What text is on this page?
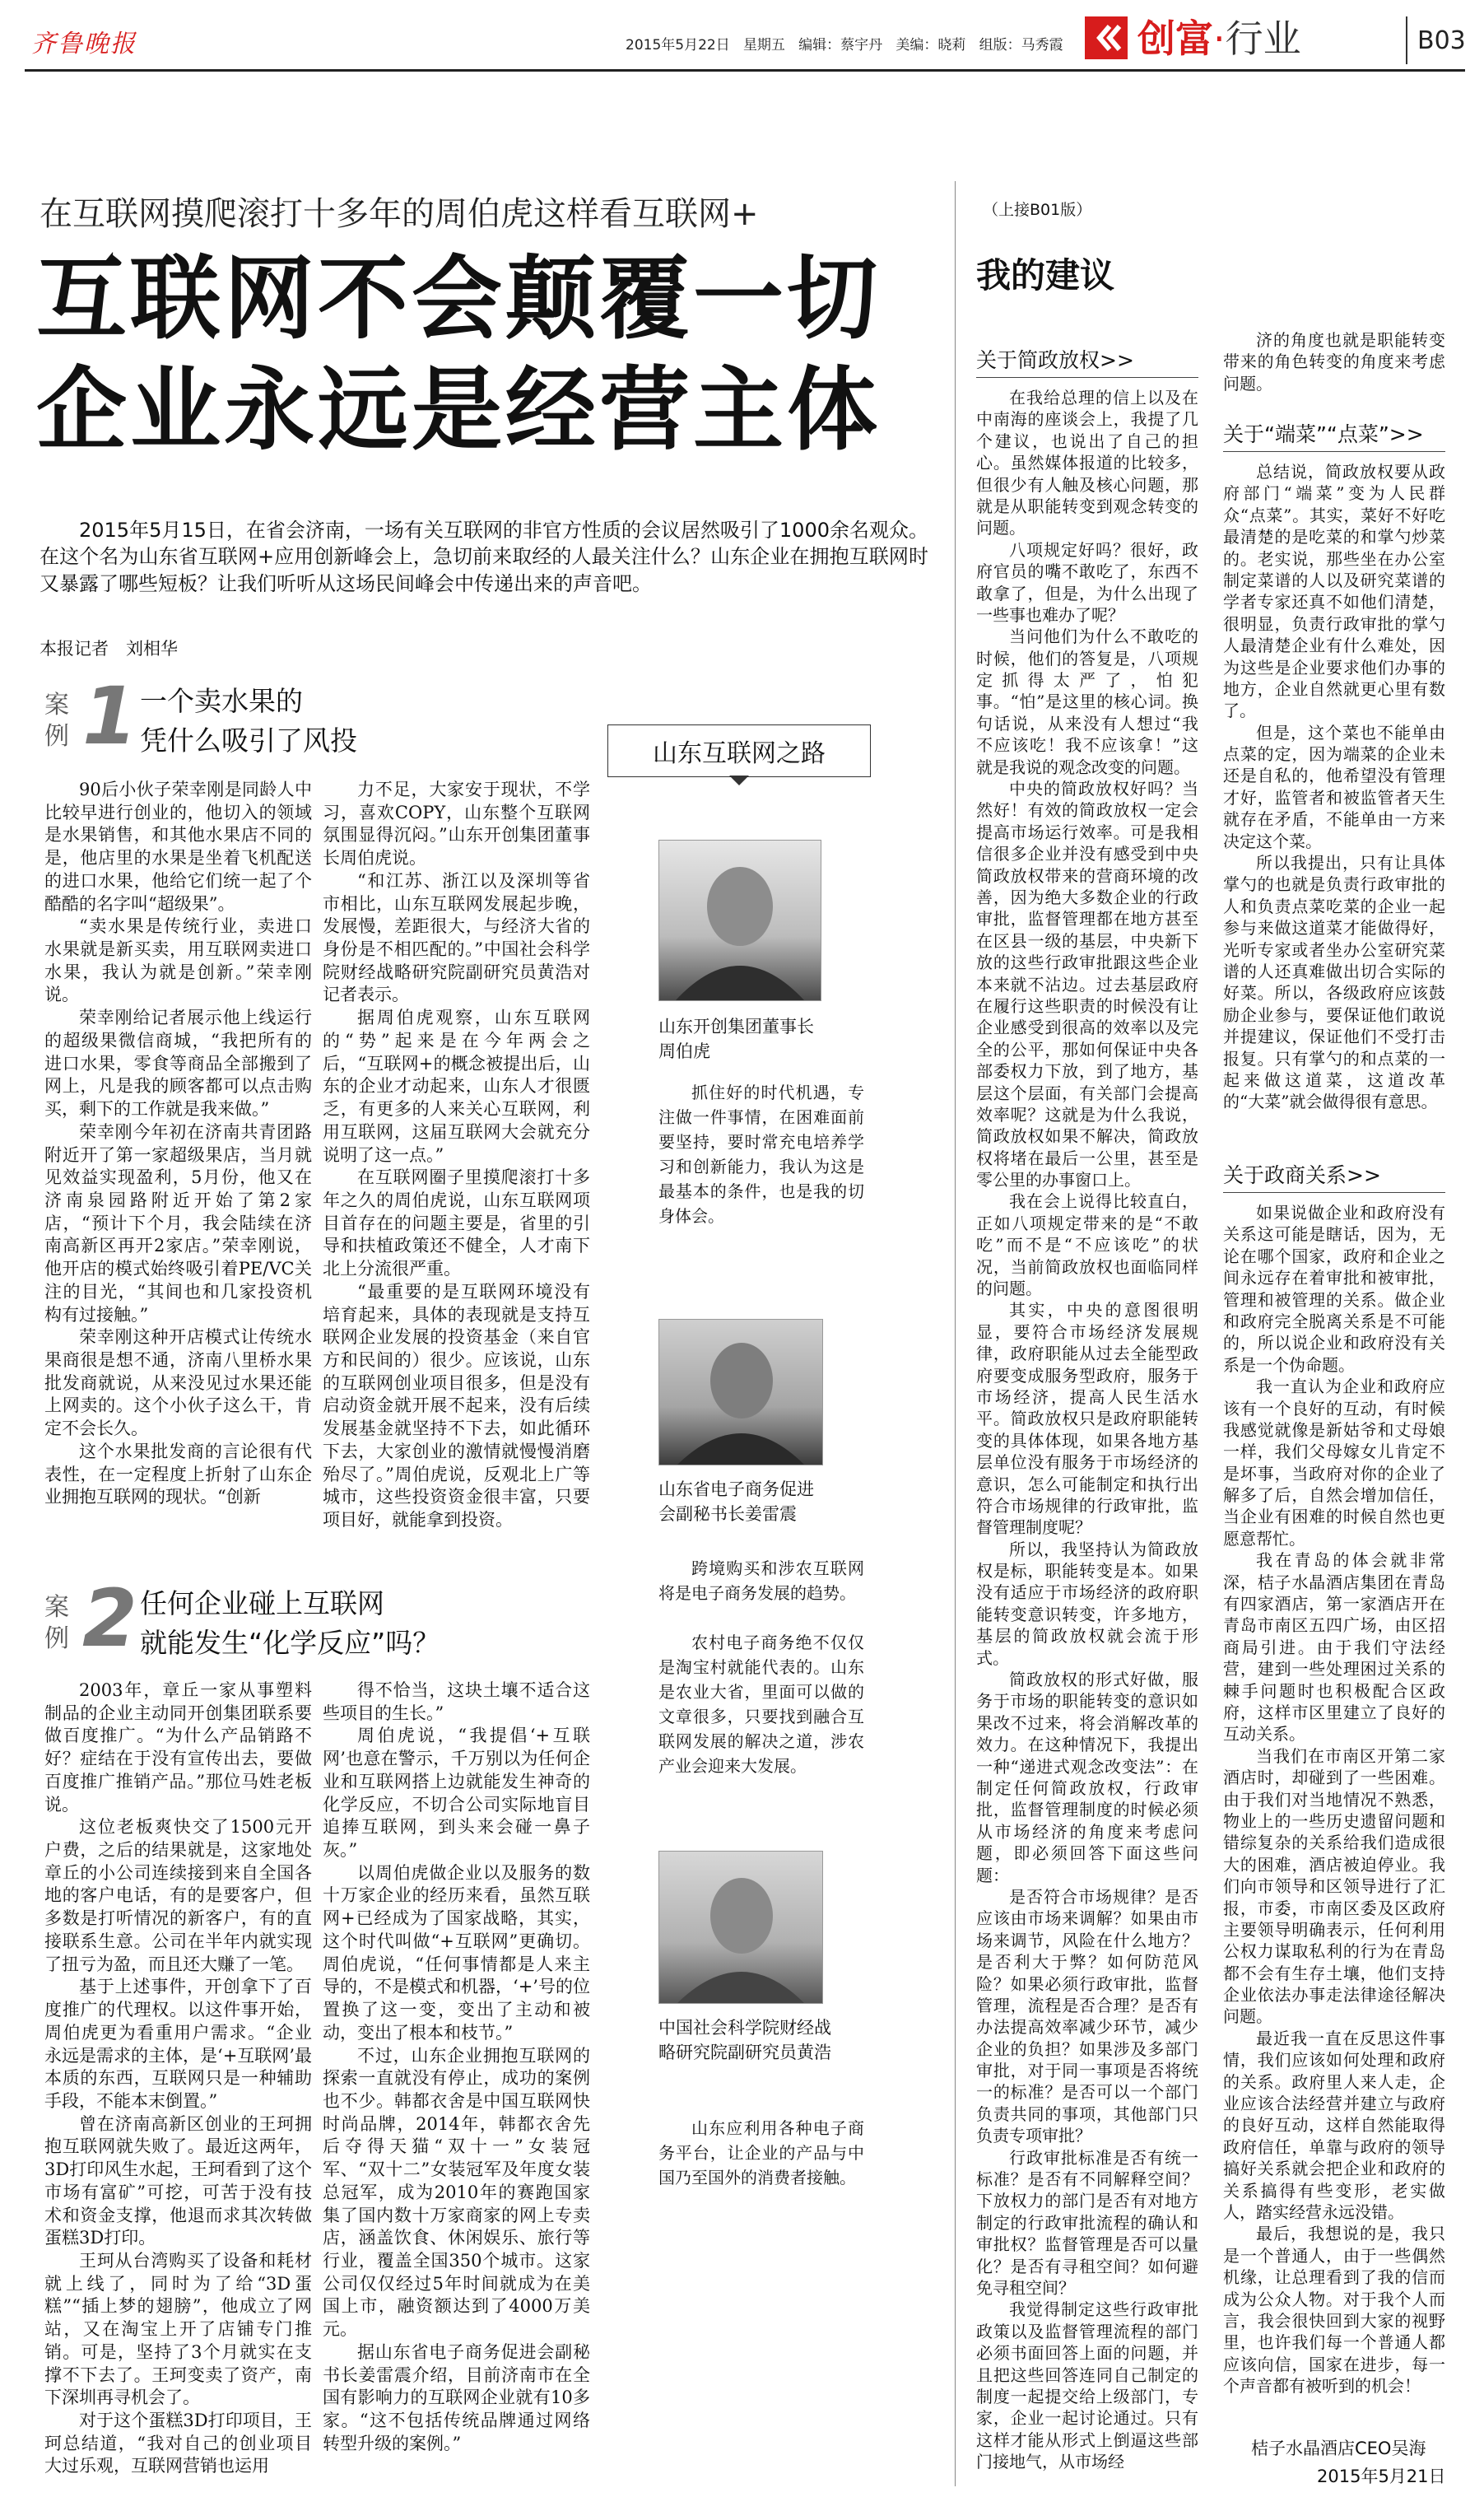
齐鲁晚报	2015年5月22日 星期五 编辑：蔡宇丹 美编：晓莉 组版：马秀霞 创富·行业	B03
在互联网摸爬滚打十多年的周伯虎这样看互联网+
互联网不会颠覆一切
企业永远是经营主体
2015年5月15日，在省会济南，一场有关互联网的非官方性质的会议居然吸引了1000余名观众。在这个名为山东省互联网+应用创新峰会上，急切前来取经的人最关注什么？山东企业在拥抱互联网时又暴露了哪些短板？让我们听听从这场民间峰会中传递出来的声音吧。
本报记者　刘相华
案
例 1 一个卖水果的
凭什么吸引了风投

90后小伙子荣幸刚是同龄人中比较早进行创业的，他切入的领域是水果销售，和其他水果店不同的是，他店里的水果是坐着飞机配送的进口水果，他给它们统一起了个酷酷的名字叫“超级果”。

“卖水果是传统行业，卖进口水果就是新买卖，用互联网卖进口水果，我认为就是创新。”荣幸刚说。

荣幸刚给记者展示他上线运行的超级果微信商城，“我把所有的进口水果，零食等商品全部搬到了网上，凡是我的顾客都可以点击购买，剩下的工作就是我来做。”

荣幸刚今年初在济南共青团路附近开了第一家超级果店，当月就见效益实现盈利，5月份，他又在济南泉园路附近开始了第2家店，“预计下个月，我会陆续在济南高新区再开2家店。”荣幸刚说，他开店的模式始终吸引着PE/VC关注的目光，“其间也和几家投资机构有过接触。”

荣幸刚这种开店模式让传统水果商很是想不通，济南八里桥水果批发商就说，从来没见过水果还能上网卖的。这个小伙子这么干，肯定不会长久。

这个水果批发商的言论很有代表性，在一定程度上折射了山东企业拥抱互联网的现状。“创新

力不足，大家安于现状，不学习，喜欢COPY，山东整个互联网氛围显得沉闷。”山东开创集团董事长周伯虎说。

“和江苏、浙江以及深圳等省市相比，山东互联网发展起步晚，发展慢，差距很大，与经济大省的身份是不相匹配的。”中国社会科学院财经战略研究院副研究员黄浩对记者表示。

据周伯虎观察，山东互联网的“势”起来是在今年两会之后，“互联网+的概念被提出后，山东的企业才动起来，山东人才很匮乏，有更多的人来关心互联网，利用互联网，这届互联网大会就充分说明了这一点。”

在互联网圈子里摸爬滚打十多年之久的周伯虎说，山东互联网项目首存在的问题主要是，省里的引导和扶植政策还不健全，人才南下北上分流很严重。

“最重要的是互联网环境没有培育起来，具体的表现就是支持互联网企业发展的投资基金（来自官方和民间的）很少。应该说，山东的互联网创业项目很多，但是没有启动资金就开展不起来，没有后续发展基金就坚持不下去，如此循环下去，大家创业的激情就慢慢消磨殆尽了。”周伯虎说，反观北上广等城市，这些投资资金很丰富，只要项目好，就能拿到投资。

案
例 2 任何企业碰上互联网
就能发生“化学反应”吗？

2003年，章丘一家从事塑料制品的企业主动同开创集团联系要做百度推广。“为什么产品销路不好？症结在于没有宣传出去，要做百度推广推销产品。”那位马姓老板说。

这位老板爽快交了1500元开户费，之后的结果就是，这家地处章丘的小公司连续接到来自全国各地的客户电话，有的是要客户，但多数是打听情况的新客户，有的直接联系生意。公司在半年内就实现了扭亏为盈，而且还大赚了一笔。

基于上述事件，开创拿下了百度推广的代理权。以这件事开始，周伯虎更为看重用户需求。“企业永远是需求的主体，是‘+互联网’最本质的东西，互联网只是一种辅助手段，不能本末倒置。”

曾在济南高新区创业的王珂拥抱互联网就失败了。最近这两年，3D打印风生水起，王珂看到了这个市场有富矿”可挖，可苦于没有技术和资金支撑，他退而求其次转做蛋糕3D打印。

王珂从台湾购买了设备和耗材就上线了，同时为了给“3D蛋糕”“插上梦的翅膀”，他成立了网站，又在淘宝上开了店铺专门推销。可是，坚持了3个月就实在支撑不下去了。王珂变卖了资产，南下深圳再寻机会了。

对于这个蛋糕3D打印项目，王珂总结道，“我对自己的创业项目大过乐观，互联网营销也运用

得不恰当，这块土壤不适合这些项目的生长。”

周伯虎说，“我提倡‘+互联网’也意在警示，千万别以为任何企业和互联网搭上边就能发生神奇的化学反应，不切合公司实际地盲目追捧互联网，到头来会碰一鼻子灰。”

以周伯虎做企业以及服务的数十万家企业的经历来看，虽然互联网+已经成为了国家战略，其实，这个时代叫做“+互联网”更确切。周伯虎说，“任何事情都是人来主导的，不是模式和机器，‘+’号的位置换了这一变，变出了主动和被动，变出了根本和枝节。”

不过，山东企业拥抱互联网的探索一直就没有停止，成功的案例也不少。韩都衣舍是中国互联网快时尚品牌，2014年，韩都衣舍先后夺得天猫“双十一”女装冠军、“双十二”女装冠军及年度女装总冠军，成为2010年的赛跑国家集了国内数十万家商家的网上专卖店，涵盖饮食、休闲娱乐、旅行等行业，覆盖全国350个城市。这家公司仅仅经过5年时间就成为在美国上市，融资额达到了4000万美元。

据山东省电子商务促进会副秘书长姜雷震介绍，目前济南市在全国有影响力的互联网企业就有10多家。“这不包括传统品牌通过网络转型升级的案例。”

山东互联网之路
山东开创集团董事长周伯虎
抓住好的时代机遇，专注做一件事情，在困难面前要坚持，要时常充电培养学习和创新能力，我认为这是最基本的条件，也是我的切身体会。
山东省电子商务促进会副秘书长姜雷震
跨境购买和涉农互联网将是电子商务发展的趋势。
农村电子商务绝不仅仅是淘宝村就能代表的。山东是农业大省，里面可以做的文章很多，只要找到融合互联网发展的解决之道，涉农产业会迎来大发展。
中国社会科学院财经战略研究院副研究员黄浩
山东应利用各种电子商务平台，让企业的产品与中国乃至国外的消费者接触。
（上接B01版）
我的建议
关于简政放权>>

在我给总理的信上以及在中南海的座谈会上，我提了几个建议，也说出了自己的担心。虽然媒体报道的比较多，但很少有人触及核心问题，那就是从职能转变到观念转变的问题。

八项规定好吗？很好，政府官员的嘴不敢吃了，东西不敢拿了，但是，为什么出现了一些事也难办了呢？

当问他们为什么不敢吃的时候，他们的答复是，八项规定抓得太严了，怕犯事。“怕”是这里的核心词。换句话说，从来没有人想过“我不应该吃！我不应该拿！”这就是我说的观念改变的问题。

中央的简政放权好吗？当然好！有效的简政放权一定会提高市场运行效率。可是我相信很多企业并没有感受到中央简政放权带来的营商环境的改善，因为绝大多数企业的行政审批，监督管理都在地方甚至在区县一级的基层，中央新下放的这些行政审批跟这些企业本来就不沾边。过去基层政府在履行这些职责的时候没有让企业感受到很高的效率以及完全的公平，那如何保证中央各部委权力下放，到了地方，基层这个层面，有关部门会提高效率呢？这就是为什么我说，简政放权如果不解决，简政放权将堵在最后一公里，甚至是零公里的办事窗口上。

我在会上说得比较直白，正如八项规定带来的是“不敢吃”而不是“不应该吃”的状况，当前简政放权也面临同样的问题。

其实，中央的意图很明显，要符合市场经济发展规律，政府职能从过去全能型政府要变成服务型政府，服务于市场经济，提高人民生活水平。简政放权只是政府职能转变的具体体现，如果各地方基层单位没有服务于市场经济的意识，怎么可能制定和执行出符合市场规律的行政审批，监督管理制度呢？

所以，我坚持认为简政放权是标，职能转变是本。如果没有适应于市场经济的政府职能转变意识转变，许多地方，基层的简政放权就会流于形式。

简政放权的形式好做，服务于市场的职能转变的意识如果改不过来，将会消解改革的效力。在这种情况下，我提出一种“递进式观念改变法”：在制定任何简政放权，行政审批，监督管理制度的时候必须从市场经济的角度来考虑问题，即必须回答下面这些问题：

是否符合市场规律？是否应该由市场来调解？如果由市场来调节，风险在什么地方？是否利大于弊？如何防范风险？如果必须行政审批，监督管理，流程是否合理？是否有办法提高效率减少环节，减少企业的负担？如果涉及多部门审批，对于同一事项是否将统一的标准？是否可以一个部门负责共同的事项，其他部门只负责专项审批？

行政审批标准是否有统一标准？是否有不同解释空间？下放权力的部门是否有对地方制定的行政审批流程的确认和审批权？监督管理是否可以量化？是否有寻租空间？如何避免寻租空间？

我觉得制定这些行政审批政策以及监督管理流程的部门必须书面回答上面的问题，并且把这些回答连同自己制定的制度一起提交给上级部门，专家，企业一起讨论通过。只有这样才能从形式上倒逼这些部门接地气，从市场经

济的角度也就是职能转变带来的角色转变的角度来考虑问题。

关于“端菜”“点菜”>>

总结说，简政放权要从政府部门“端菜”变为人民群众“点菜”。其实，菜好不好吃最清楚的是吃菜的和掌勺炒菜的。老实说，那些坐在办公室制定菜谱的人以及研究菜谱的学者专家还真不如他们清楚，很明显，负责行政审批的掌勺人最清楚企业有什么难处，因为这些是企业要求他们办事的地方，企业自然就更心里有数了。

但是，这个菜也不能单由点菜的定，因为端菜的企业未还是自私的，他希望没有管理才好，监管者和被监管者天生就存在矛盾，不能单由一方来决定这个菜。

所以我提出，只有让具体掌勺的也就是负责行政审批的人和负责点菜吃菜的企业一起参与来做这道菜才能做得好，光听专家或者坐办公室研究菜谱的人还真难做出切合实际的好菜。所以，各级政府应该鼓励企业参与，要保证他们敢说并提建议，保证他们不受打击报复。只有掌勺的和点菜的一起来做这道菜，这道改革的“大菜”就会做得很有意思。

关于政商关系>>

如果说做企业和政府没有关系这可能是瞎话，因为，无论在哪个国家，政府和企业之间永远存在着审批和被审批，管理和被管理的关系。做企业和政府完全脱离关系是不可能的，所以说企业和政府没有关系是一个伪命题。

我一直认为企业和政府应该有一个良好的互动，有时候我感觉就像是新姑爷和丈母娘一样，我们父母嫁女儿肯定不是坏事，当政府对你的企业了解多了后，自然会增加信任，当企业有困难的时候自然也更愿意帮忙。

我在青岛的体会就非常深，桔子水晶酒店集团在青岛有四家酒店，第一家酒店开在青岛市南区五四广场，由区招商局引进。由于我们守法经营，建到一些处理困过关系的棘手问题时也积极配合区政府，这样市区里建立了良好的互动关系。

当我们在市南区开第二家酒店时，却碰到了一些困难。由于我们对当地情况不熟悉，物业上的一些历史遗留问题和错综复杂的关系给我们造成很大的困难，酒店被迫停业。我们向市领导和区领导进行了汇报，市委，市南区委及区政府主要领导明确表示，任何利用公权力谋取私利的行为在青岛都不会有生存土壤，他们支持企业依法办事走法律途径解决问题。

最近我一直在反思这件事情，我们应该如何处理和政府的关系。政府里人来人走，企业应该合法经营并建立与政府的良好互动，这样自然能取得政府信任，单靠与政府的领导搞好关系就会把企业和政府的关系搞得有些变形，老实做人，踏实经营永远没错。

最后，我想说的是，我只是一个普通人，由于一些偶然机缘，让总理看到了我的信而成为公众人物。对于我个人而言，我会很快回到大家的视野里，也许我们每一个普通人都应该向信，国家在进步，每一个声音都有被听到的机会！

桔子水晶酒店CEO吴海
2015年5月21日
